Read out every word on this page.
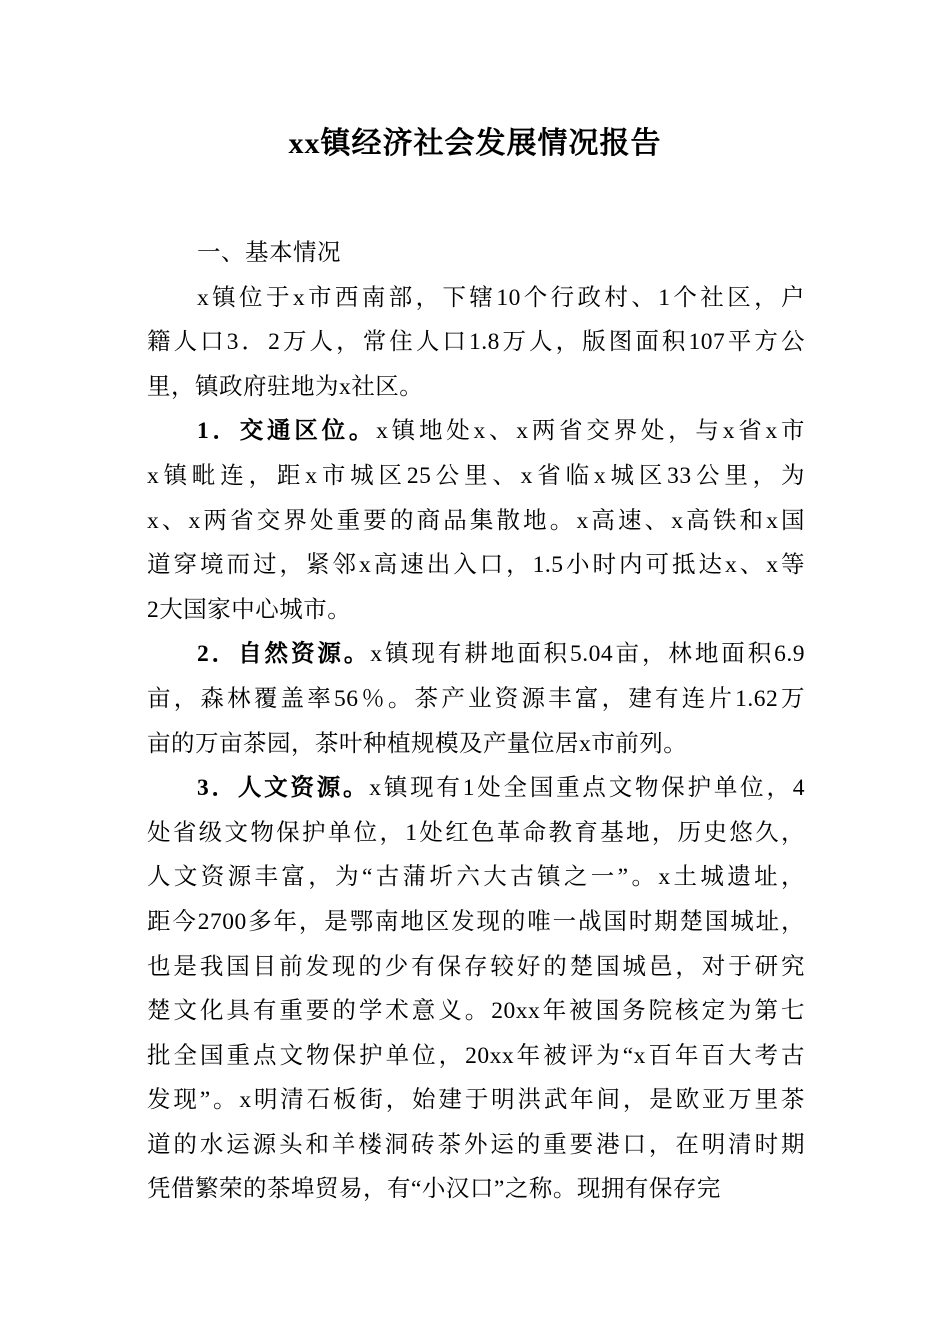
xx镇经济社会发展情况报告
一、基本情况
x镇位于x市西南部，下辖10个行政村、1个社区，户
籍人口3．2万人，常住人口1.8万人，版图面积107平方公
里，镇政府驻地为x社区。
1．交通区位。x镇地处x、x两省交界处，与x省x市
x镇毗连，距x市城区25公里、x省临x城区33公里，为
x、x两省交界处重要的商品集散地。x高速、x高铁和x国
道穿境而过，紧邻x高速出入口，1.5小时内可抵达x、x等
2大国家中心城市。
2．自然资源。x镇现有耕地面积5.04亩，林地面积6.9
亩，森林覆盖率56％。茶产业资源丰富，建有连片1.62万
亩的万亩茶园，茶叶种植规模及产量位居x市前列。
3．人文资源。x镇现有1处全国重点文物保护单位，4
处省级文物保护单位，1处红色革命教育基地，历史悠久，
人文资源丰富，为“古蒲圻六大古镇之一”。x土城遗址，
距今2700多年，是鄂南地区发现的唯一战国时期楚国城址，
也是我国目前发现的少有保存较好的楚国城邑，对于研究
楚文化具有重要的学术意义。20xx年被国务院核定为第七
批全国重点文物保护单位，20xx年被评为“x百年百大考古
发现”。x明清石板街，始建于明洪武年间，是欧亚万里茶
道的水运源头和羊楼洞砖茶外运的重要港口，在明清时期
凭借繁荣的茶埠贸易，有“小汉口”之称。现拥有保存完
